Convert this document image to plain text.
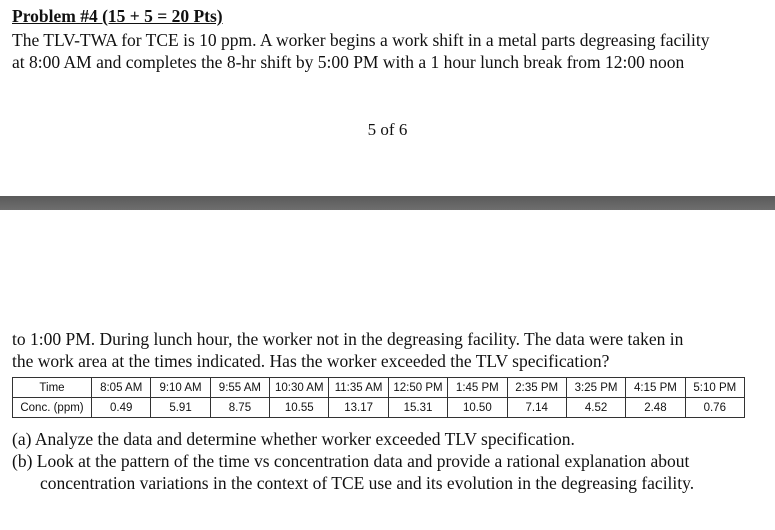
Problem #4 (15 + 5 = 20 Pts)
The TLV-TWA for TCE is 10 ppm. A worker begins a work shift in a metal parts degreasing facility
at 8:00 AM and completes the 8-hr shift by 5:00 PM with a 1 hour lunch break from 12:00 noon
5 of 6
to 1:00 PM. During lunch hour, the worker not in the degreasing facility. The data were taken in
the work area at the times indicated. Has the worker exceeded the TLV specification?
Time	8:05 AM	9:10 AM	9:55 AM	10:30 AM	11:35 AM	12:50 PM	1:45 PM	2:35 PM	3:25 PM	4:15 PM	5:10 PM
Conc. (ppm)	0.49	5.91	8.75	10.55	13.17	15.31	10.50	7.14	4.52	2.48	0.76
(a) Analyze the data and determine whether worker exceeded TLV specification.
(b) Look at the pattern of the time vs concentration data and provide a rational explanation about
concentration variations in the context of TCE use and its evolution in the degreasing facility.
